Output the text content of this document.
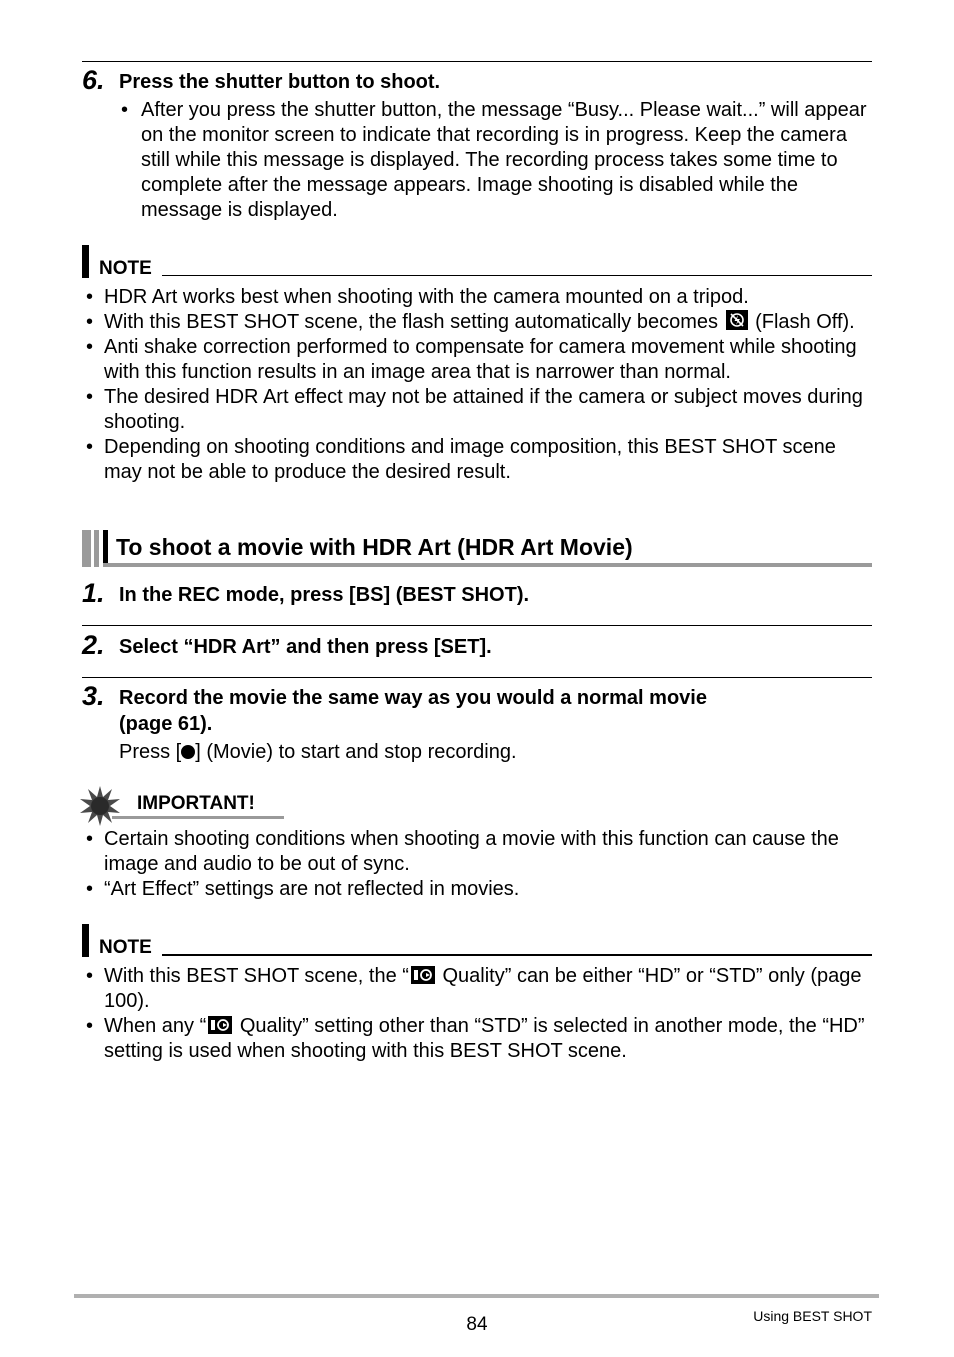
6. Press the shutter button to shoot.
• After you press the shutter button, the message “Busy... Please wait...” will appear on the monitor screen to indicate that recording is in progress. Keep the camera still while this message is displayed. The recording process takes some time to complete after the message appears. Image shooting is disabled while the message is displayed.
NOTE
• HDR Art works best when shooting with the camera mounted on a tripod.
• With this BEST SHOT scene, the flash setting automatically becomes
(Flash Off).
• Anti shake correction performed to compensate for camera movement while shooting with this function results in an image area that is narrower than normal.
• The desired HDR Art effect may not be attained if the camera or subject moves during shooting.
• Depending on shooting conditions and image composition, this BEST SHOT scene may not be able to produce the desired result.
To shoot a movie with HDR Art (HDR Art Movie)
1. In the REC mode, press [BS] (BEST SHOT).
2. Select “HDR Art” and then press [SET].
3. Record the movie the same way as you would a normal movie
(page 61).
Press [ ] (Movie) to start and stop recording.
IMPORTANT!
• Certain shooting conditions when shooting a movie with this function can cause the image and audio to be out of sync.
• “Art Effect” settings are not reflected in movies.
NOTE
• With this BEST SHOT scene, the “
Quality” can be either “HD” or “STD” only (page 100).
• When any “
Quality” setting other than “STD” is selected in another mode, the “HD” setting is used when shooting with this BEST SHOT scene.
84	Using BEST SHOT
